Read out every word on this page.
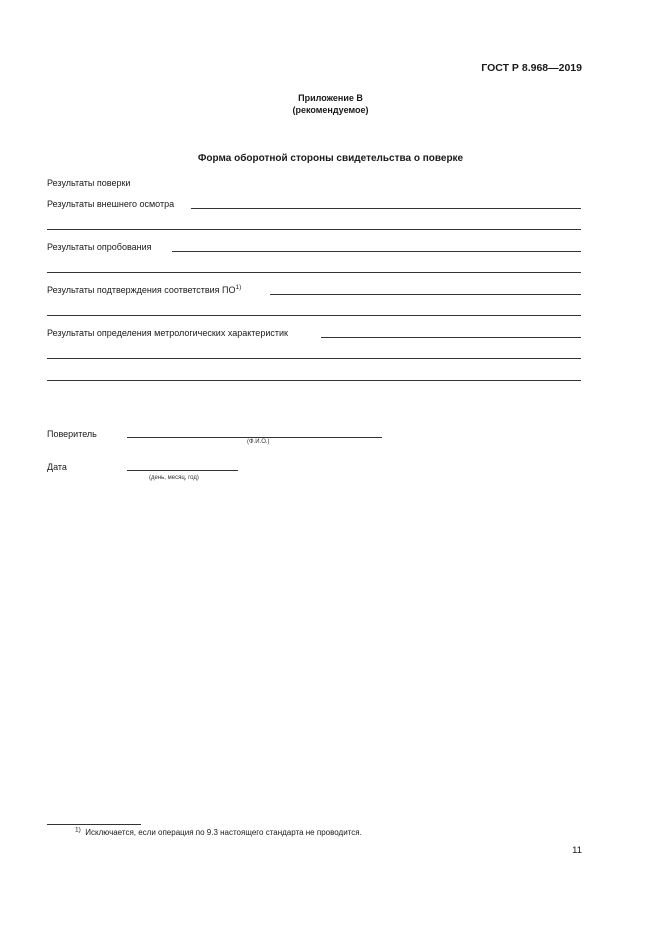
ГОСТ Р 8.968—2019
Приложение В
(рекомендуемое)
Форма оборотной стороны свидетельства о поверке
Результаты поверки
Результаты внешнего осмотра
Результаты опробования
Результаты подтверждения соответствия ПО$^{1)}$
Результаты определения метрологических характеристик
Поверитель
(Ф.И.О.)
Дата
(день, месяц, год)
$^{1)}$ Исключается, если операция по 9.3 настоящего стандарта не проводится.
11
